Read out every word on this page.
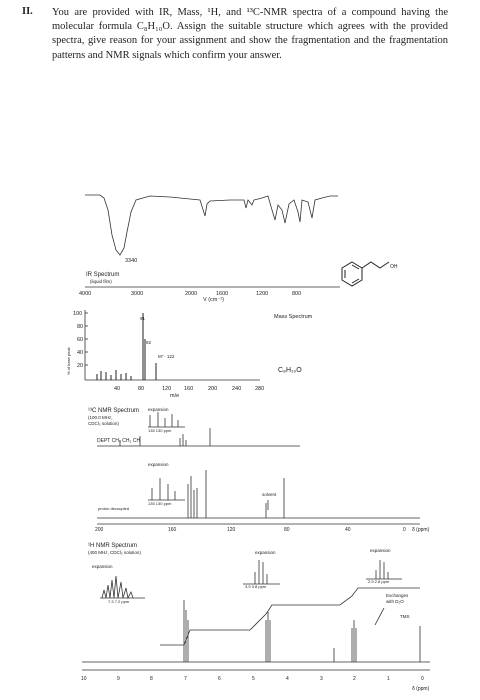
II. You are provided with IR, Mass, ¹H, and ¹³C-NMR spectra of a compound having the molecular formula C₈H₁₀O. Assign the suitable structure which agrees with the provided spectra, give reason for your assignment and show the fragmentation and the fragmentation patterns and NMR signals which confirm your answer.

3340
IR Spectrum
(liquid film)
4000	3000	2000	1600	1200	800
V (cm⁻¹)
OH
100
80
60
40
20
% of base peak
91
92
M⁺· 122
Mass Spectrum
C₈H₁₀O
40	80	120 160	200	240	280
m/e
¹³C NMR Spectrum
(100.0 MHz,
CDCl₃ solution)
DEPT CH₃ CH₂ CH
expansion
135 130 ppm
expansion
135 130 ppm
solvent
proton decoupled
200	160	120	80	40	0 δ (ppm)
¹H NMR Spectrum
(400 MHz, CDCl₃ solution)
expansion
7.3 7.2 ppm
expansion
3.9 3.8 ppm
expansion
2.9 2.8 ppm
Exchanges
with D₂O
TMS
10	9	8	7	6	5	4	3	2	1	0
δ (ppm)
